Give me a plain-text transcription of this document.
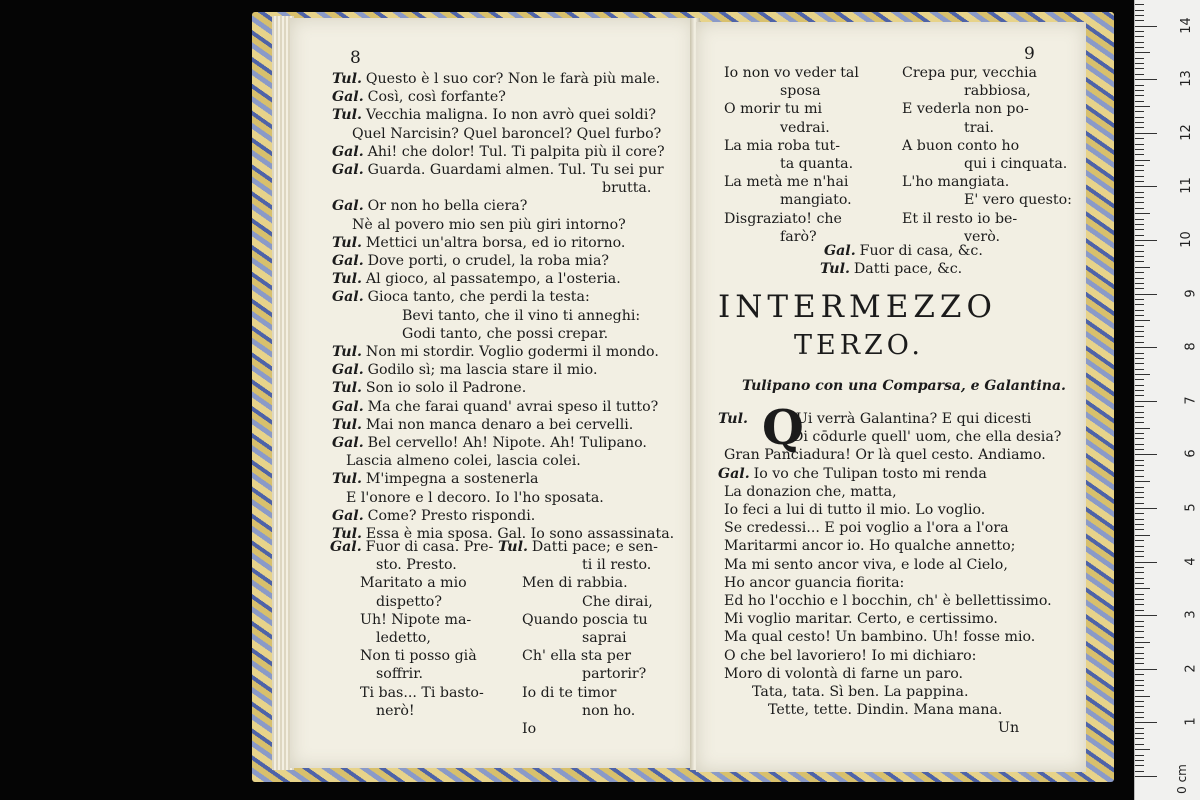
8
Tul. Questo è l suo cor? Non le farà più male.
Gal. Così, così forfante?
Tul. Vecchia maligna. Io non avrò quei soldi?
Quel Narcisin? Quel baroncel? Quel furbo?
Gal. Ahi! che dolor! Tul. Ti palpita più il core?
Gal. Guarda. Guardami almen. Tul. Tu sei pur
brutta.
Gal. Or non ho bella ciera?
Nè al povero mio sen più giri intorno?
Tul. Mettici un'altra borsa, ed io ritorno.
Gal. Dove porti, o crudel, la roba mia?
Tul. Al gioco, al passatempo, a l'osteria.
Gal. Gioca tanto, che perdi la testa:
Bevi tanto, che il vino ti anneghi:
Godi tanto, che possi crepar.
Tul. Non mi stordir. Voglio godermi il mondo.
Gal. Godilo sì; ma lascia stare il mio.
Tul. Son io solo il Padrone.
Gal. Ma che farai quand' avrai speso il tutto?
Tul. Mai non manca denaro a bei cervelli.
Gal. Bel cervello! Ah! Nipote. Ah! Tulipano.
Lascia almeno colei, lascia colei.
Tul. M'impegna a sostenerla
E l'onore e l decoro. Io l'ho sposata.
Gal. Come? Presto rispondi.
Tul. Essa è mia sposa. Gal. Io sono assassinata.
Gal. Fuor di casa. Pre-
sto. Presto.
Maritato a mio
dispetto?
Uh! Nipote ma-
ledetto,
Non ti posso già
soffrir.
Ti bas... Ti basto-
nerò!
Tul. Datti pace; e sen-
ti il resto.
Men di rabbia.
Che dirai,
Quando poscia tu
saprai
Ch' ella sta per
partorir?
Io di te timor
non ho.
Io
9
INTERMEZZO
TERZO.
Tulipano con una Comparsa, e Galantina.
Q
Io non vo veder tal
sposa
O morir tu mi
vedrai.
La mia roba tut-
ta quanta.
La metà me n'hai
mangiato.
Disgraziato! che
farò?
Crepa pur, vecchia
rabbiosa,
E vederla non po-
trai.
A buon conto ho
qui i cinquata.
L'ho mangiata.
E' vero questo:
Et il resto io be-
verò.
Gal. Fuor di casa, &c.
Tul. Datti pace, &c.
Tul.	Ui verrà Galantina? E qui dicesti
Di cōdurle quell' uom, che ella desia?
Gran Panciadura! Or là quel cesto. Andiamo.
Gal. Io vo che Tulipan tosto mi renda
La donazion che, matta,
Io feci a lui di tutto il mio. Lo voglio.
Se credessi... E poi voglio a l'ora a l'ora
Maritarmi ancor io. Ho qualche annetto;
Ma mi sento ancor viva, e lode al Cielo,
Ho ancor guancia fiorita:
Ed ho l'occhio e l bocchin, ch' è bellettissimo.
Mi voglio maritar. Certo, e certissimo.
Ma qual cesto! Un bambino. Uh! fosse mio.
O che bel lavoriero! Io mi dichiaro:
Moro di volontà di farne un paro.
Tata, tata. Sì ben. La pappina.
Tette, tette. Dindin. Mana mana.
Un
0 cm
1
2
3
4
5
6
7
8
9
10
11
12
13
14
